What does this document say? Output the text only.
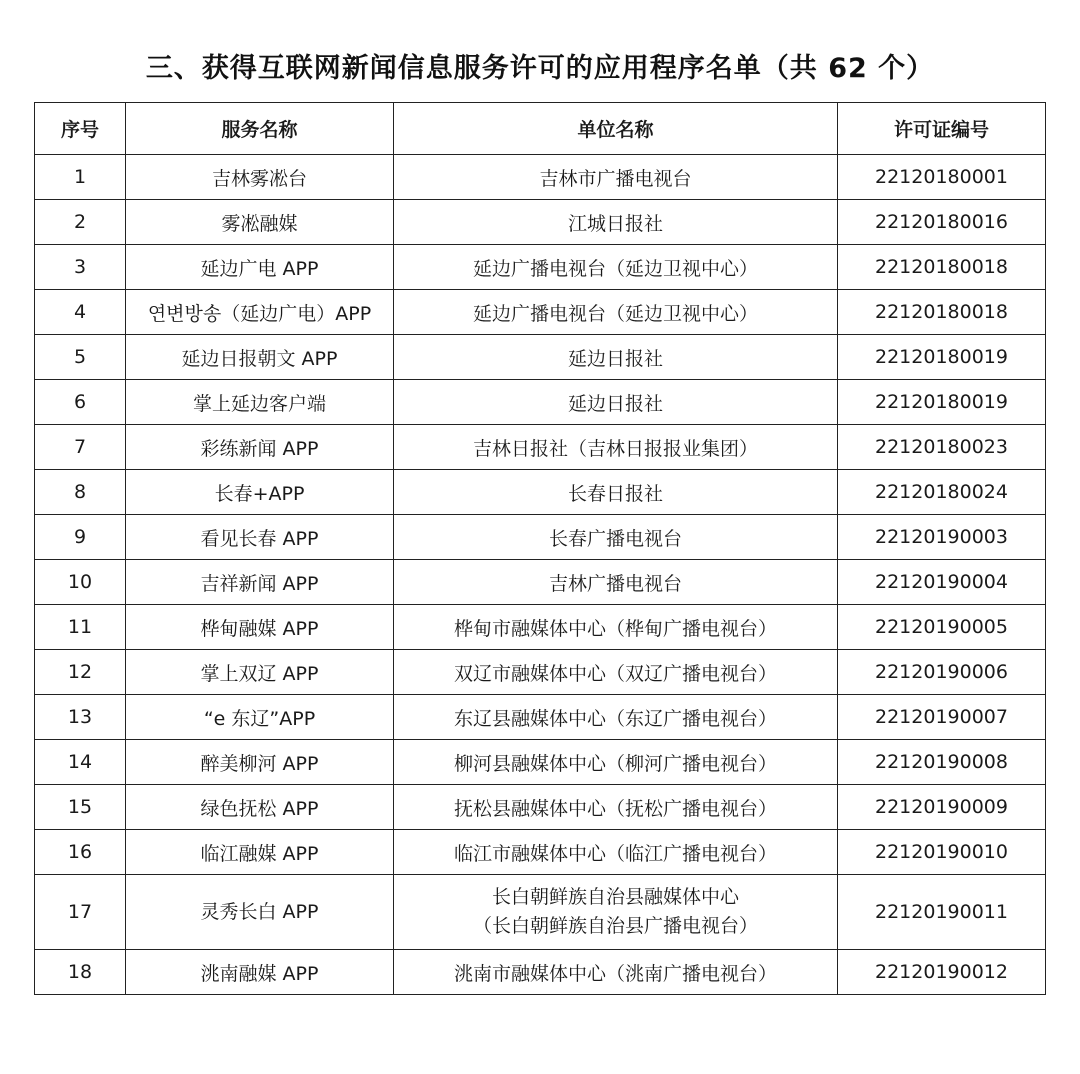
三、获得互联网新闻信息服务许可的应用程序名单（共 62 个）
序号	服务名称	单位名称	许可证编号
1	吉林雾凇台	吉林市广播电视台	22120180001
2	雾凇融媒	江城日报社	22120180016
3	延边广电 APP	延边广播电视台（延边卫视中心）	22120180018
4	연변방송（延边广电）APP	延边广播电视台（延边卫视中心）	22120180018
5	延边日报朝文 APP	延边日报社	22120180019
6	掌上延边客户端	延边日报社	22120180019
7	彩练新闻 APP	吉林日报社（吉林日报报业集团）	22120180023
8	长春+APP	长春日报社	22120180024
9	看见长春 APP	长春广播电视台	22120190003
10	吉祥新闻 APP	吉林广播电视台	22120190004
11	桦甸融媒 APP	桦甸市融媒体中心（桦甸广播电视台）	22120190005
12	掌上双辽 APP	双辽市融媒体中心（双辽广播电视台）	22120190006
13	“e 东辽”APP	东辽县融媒体中心（东辽广播电视台）	22120190007
14	醉美柳河 APP	柳河县融媒体中心（柳河广播电视台）	22120190008
15	绿色抚松 APP	抚松县融媒体中心（抚松广播电视台）	22120190009
16	临江融媒 APP	临江市融媒体中心（临江广播电视台）	22120190010
17	灵秀长白 APP	长白朝鲜族自治县融媒体中心
（长白朝鲜族自治县广播电视台）	22120190011
18	洮南融媒 APP	洮南市融媒体中心（洮南广播电视台）	22120190012
